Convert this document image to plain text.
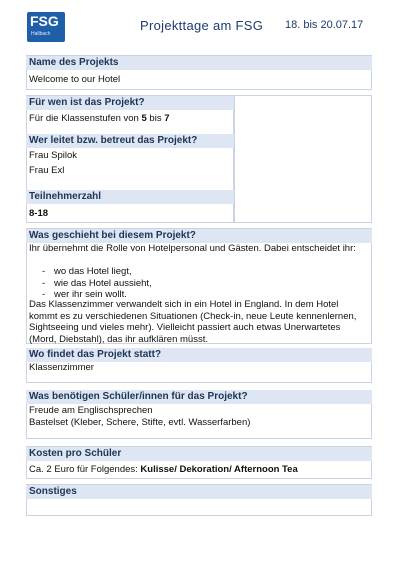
FSG
Hallbach
Projekttage am FSG 18. bis 20.07.17
Name des Projekts
Welcome to our Hotel
Für wen ist das Projekt?
Für die Klassenstufen von 5 bis 7
Wer leitet bzw. betreut das Projekt?
Frau Spilok
Frau Exl
Teilnehmerzahl
8-18
Was geschieht bei diesem Projekt?
Ihr übernehmt die Rolle von Hotelpersonal und Gästen. Dabei entscheidet ihr:
- wo das Hotel liegt,
- wie das Hotel aussieht,
- wer ihr sein wollt.
Das Klassenzimmer verwandelt sich in ein Hotel in England. In dem Hotel kommt es zu verschiedenen Situationen (Check-in, neue Leute kennenlernen, Sightseeing und vieles mehr). Vielleicht passiert auch etwas Unerwartetes (Mord, Diebstahl), das ihr aufklären müsst.
Wo findet das Projekt statt?
Klassenzimmer
Was benötigen Schüler/innen für das Projekt?
Freude am Englischsprechen
Bastelset (Kleber, Schere, Stifte, evtl. Wasserfarben)
Kosten pro Schüler
Ca. 2 Euro für Folgendes: Kulisse/ Dekoration/ Afternoon Tea
Sonstiges
